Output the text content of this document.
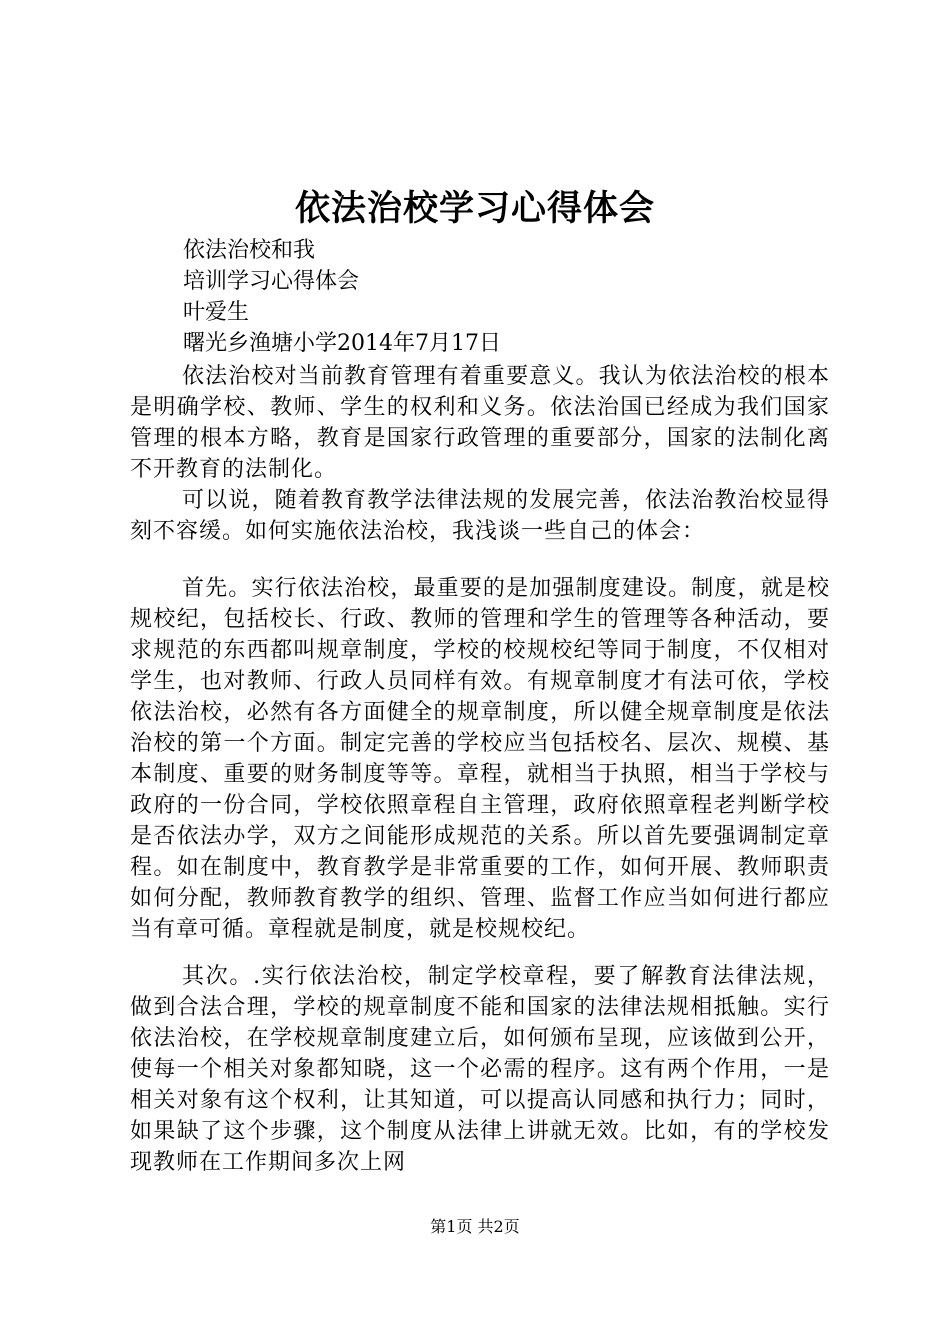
依法治校学习心得体会
依法治校和我
培训学习心得体会
叶爱生
曙光乡渔塘小学2014年7月17日
依法治校对当前教育管理有着重要意义。我认为依法治校的根本是明确学校、教师、学生的权利和义务。依法治国已经成为我们国家管理的根本方略，教育是国家行政管理的重要部分，国家的法制化离不开教育的法制化。
可以说，随着教育教学法律法规的发展完善，依法治教治校显得刻不容缓。如何实施依法治校，我浅谈一些自己的体会：
首先。实行依法治校，最重要的是加强制度建设。制度，就是校规校纪，包括校长、行政、教师的管理和学生的管理等各种活动，要求规范的东西都叫规章制度，学校的校规校纪等同于制度，不仅相对学生，也对教师、行政人员同样有效。有规章制度才有法可依，学校依法治校，必然有各方面健全的规章制度，所以健全规章制度是依法治校的第一个方面。制定完善的学校应当包括校名、层次、规模、基本制度、重要的财务制度等等。章程，就相当于执照，相当于学校与政府的一份合同，学校依照章程自主管理，政府依照章程老判断学校是否依法办学，双方之间能形成规范的关系。所以首先要强调制定章程。如在制度中，教育教学是非常重要的工作，如何开展、教师职责如何分配，教师教育教学的组织、管理、监督工作应当如何进行都应当有章可循。章程就是制度，就是校规校纪。
其次。.实行依法治校，制定学校章程，要了解教育法律法规，做到合法合理，学校的规章制度不能和国家的法律法规相抵触。实行依法治校，在学校规章制度建立后，如何颁布呈现，应该做到公开，使每一个相关对象都知晓，这一个必需的程序。这有两个作用，一是相关对象有这个权利，让其知道，可以提高认同感和执行力；同时，如果缺了这个步骤，这个制度从法律上讲就无效。比如，有的学校发现教师在工作期间多次上网
第1页 共2页
